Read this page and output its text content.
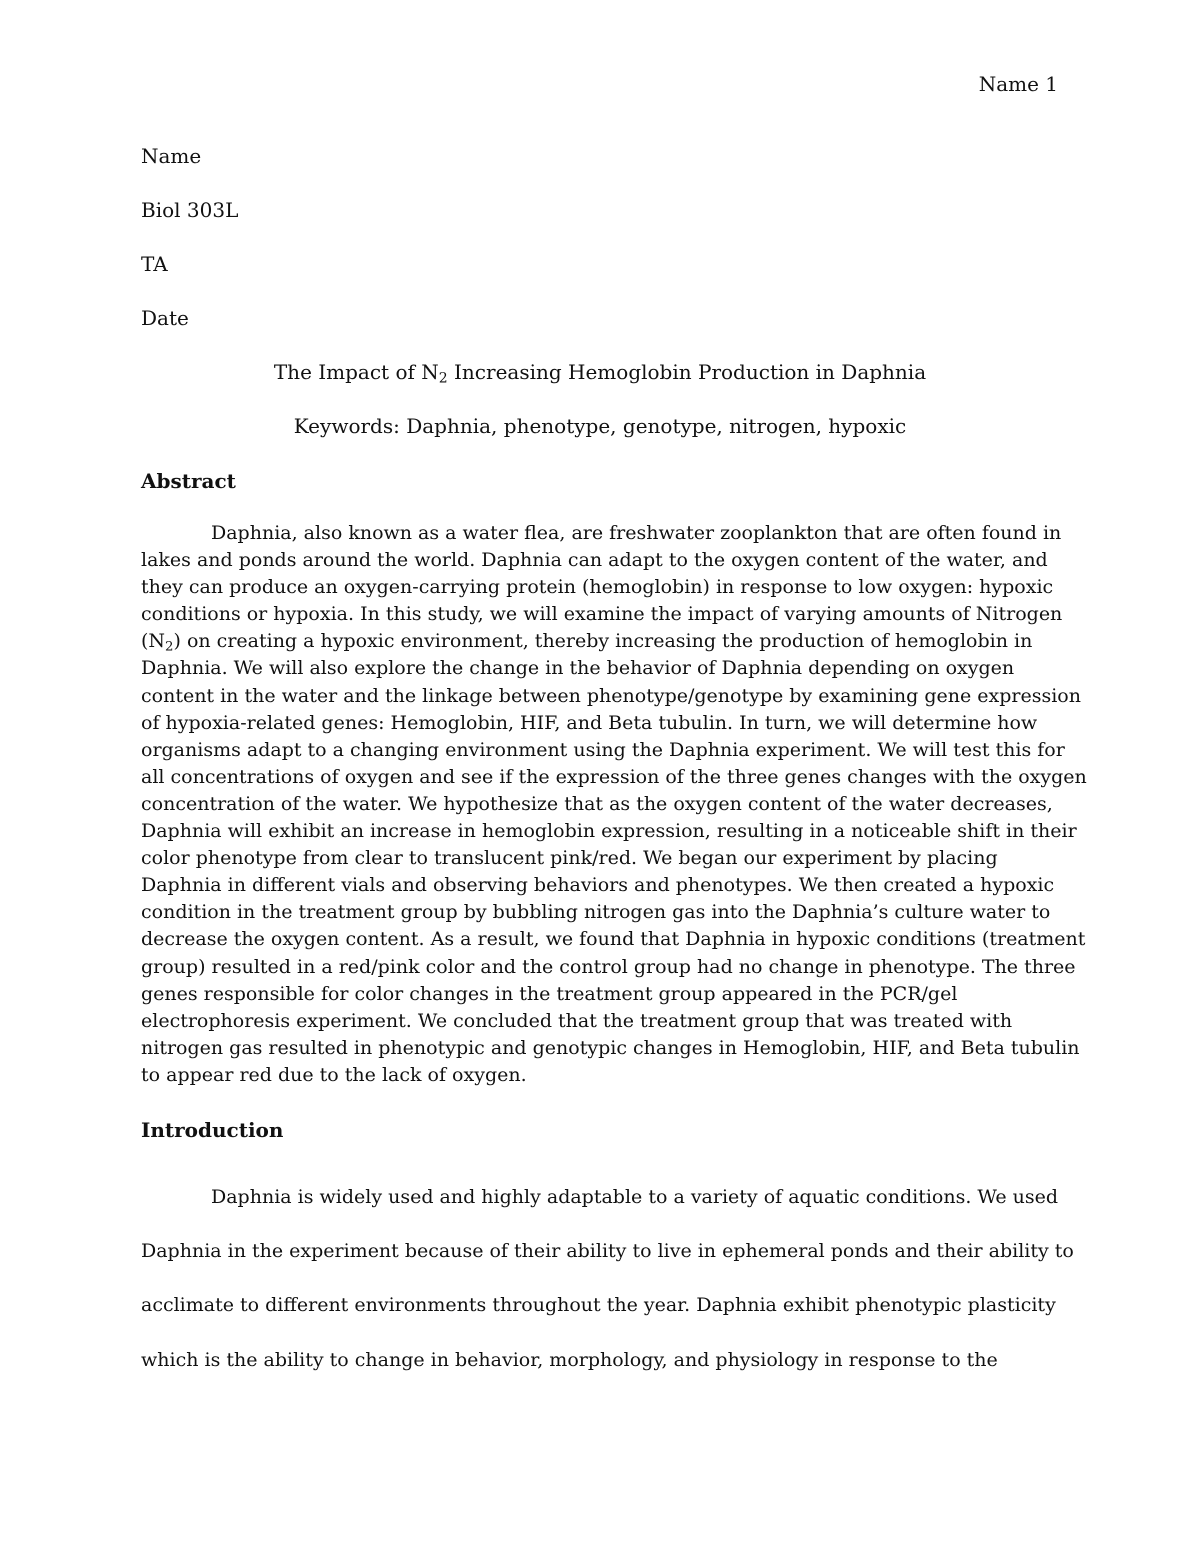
Name 1
Name
Biol 303L
TA
Date
The Impact of $N_2$ Increasing Hemoglobin Production in Daphnia
Keywords: Daphnia, phenotype, genotype, nitrogen, hypoxic
Abstract
Daphnia, also known as a water flea, are freshwater zooplankton that are often found in
lakes and ponds around the world. Daphnia can adapt to the oxygen content of the water, and
they can produce an oxygen-carrying protein (hemoglobin) in response to low oxygen: hypoxic
conditions or hypoxia. In this study, we will examine the impact of varying amounts of Nitrogen
$(N_2)$ on creating a hypoxic environment, thereby increasing the production of hemoglobin in
Daphnia. We will also explore the change in the behavior of Daphnia depending on oxygen
content in the water and the linkage between phenotype/genotype by examining gene expression
of hypoxia-related genes: Hemoglobin, HIF, and Beta tubulin. In turn, we will determine how
organisms adapt to a changing environment using the Daphnia experiment. We will test this for
all concentrations of oxygen and see if the expression of the three genes changes with the oxygen
concentration of the water. We hypothesize that as the oxygen content of the water decreases,
Daphnia will exhibit an increase in hemoglobin expression, resulting in a noticeable shift in their
color phenotype from clear to translucent pink/red. We began our experiment by placing
Daphnia in different vials and observing behaviors and phenotypes. We then created a hypoxic
condition in the treatment group by bubbling nitrogen gas into the Daphnia’s culture water to
decrease the oxygen content. As a result, we found that Daphnia in hypoxic conditions (treatment
group) resulted in a red/pink color and the control group had no change in phenotype. The three
genes responsible for color changes in the treatment group appeared in the PCR/gel
electrophoresis experiment. We concluded that the treatment group that was treated with
nitrogen gas resulted in phenotypic and genotypic changes in Hemoglobin, HIF, and Beta tubulin
to appear red due to the lack of oxygen.
Introduction
Daphnia is widely used and highly adaptable to a variety of aquatic conditions. We used
Daphnia in the experiment because of their ability to live in ephemeral ponds and their ability to
acclimate to different environments throughout the year. Daphnia exhibit phenotypic plasticity
which is the ability to change in behavior, morphology, and physiology in response to the
